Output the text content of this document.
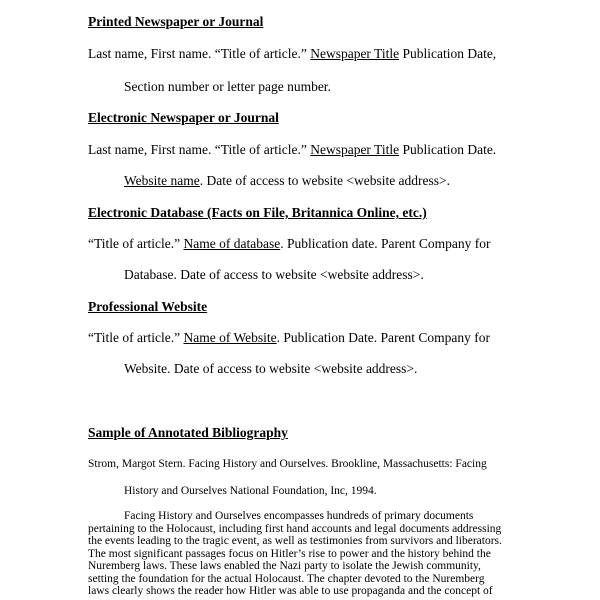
Printed Newspaper or Journal
Last name, First name. “Title of article.” Newspaper Title Publication Date,
Section number or letter page number.
Electronic Newspaper or Journal
Last name, First name. “Title of article.” Newspaper Title Publication Date.
Website name. Date of access to website <website address>.
Electronic Database (Facts on File, Britannica Online, etc.)
“Title of article.” Name of database. Publication date. Parent Company for
Database. Date of access to website <website address>.
Professional Website
“Title of article.” Name of Website. Publication Date. Parent Company for
Website. Date of access to website <website address>.
Sample of Annotated Bibliography
Strom, Margot Stern. Facing History and Ourselves. Brookline, Massachusetts: Facing
History and Ourselves National Foundation, Inc, 1994.
Facing History and Ourselves encompasses hundreds of primary documents
pertaining to the Holocaust, including first hand accounts and legal documents addressing
the events leading to the tragic event, as well as testimonies from survivors and liberators.
The most significant passages focus on Hitler’s rise to power and the history behind the
Nuremberg laws. These laws enabled the Nazi party to isolate the Jewish community,
setting the foundation for the actual Holocaust. The chapter devoted to the Nuremberg
laws clearly shows the reader how Hitler was able to use propaganda and the concept of
